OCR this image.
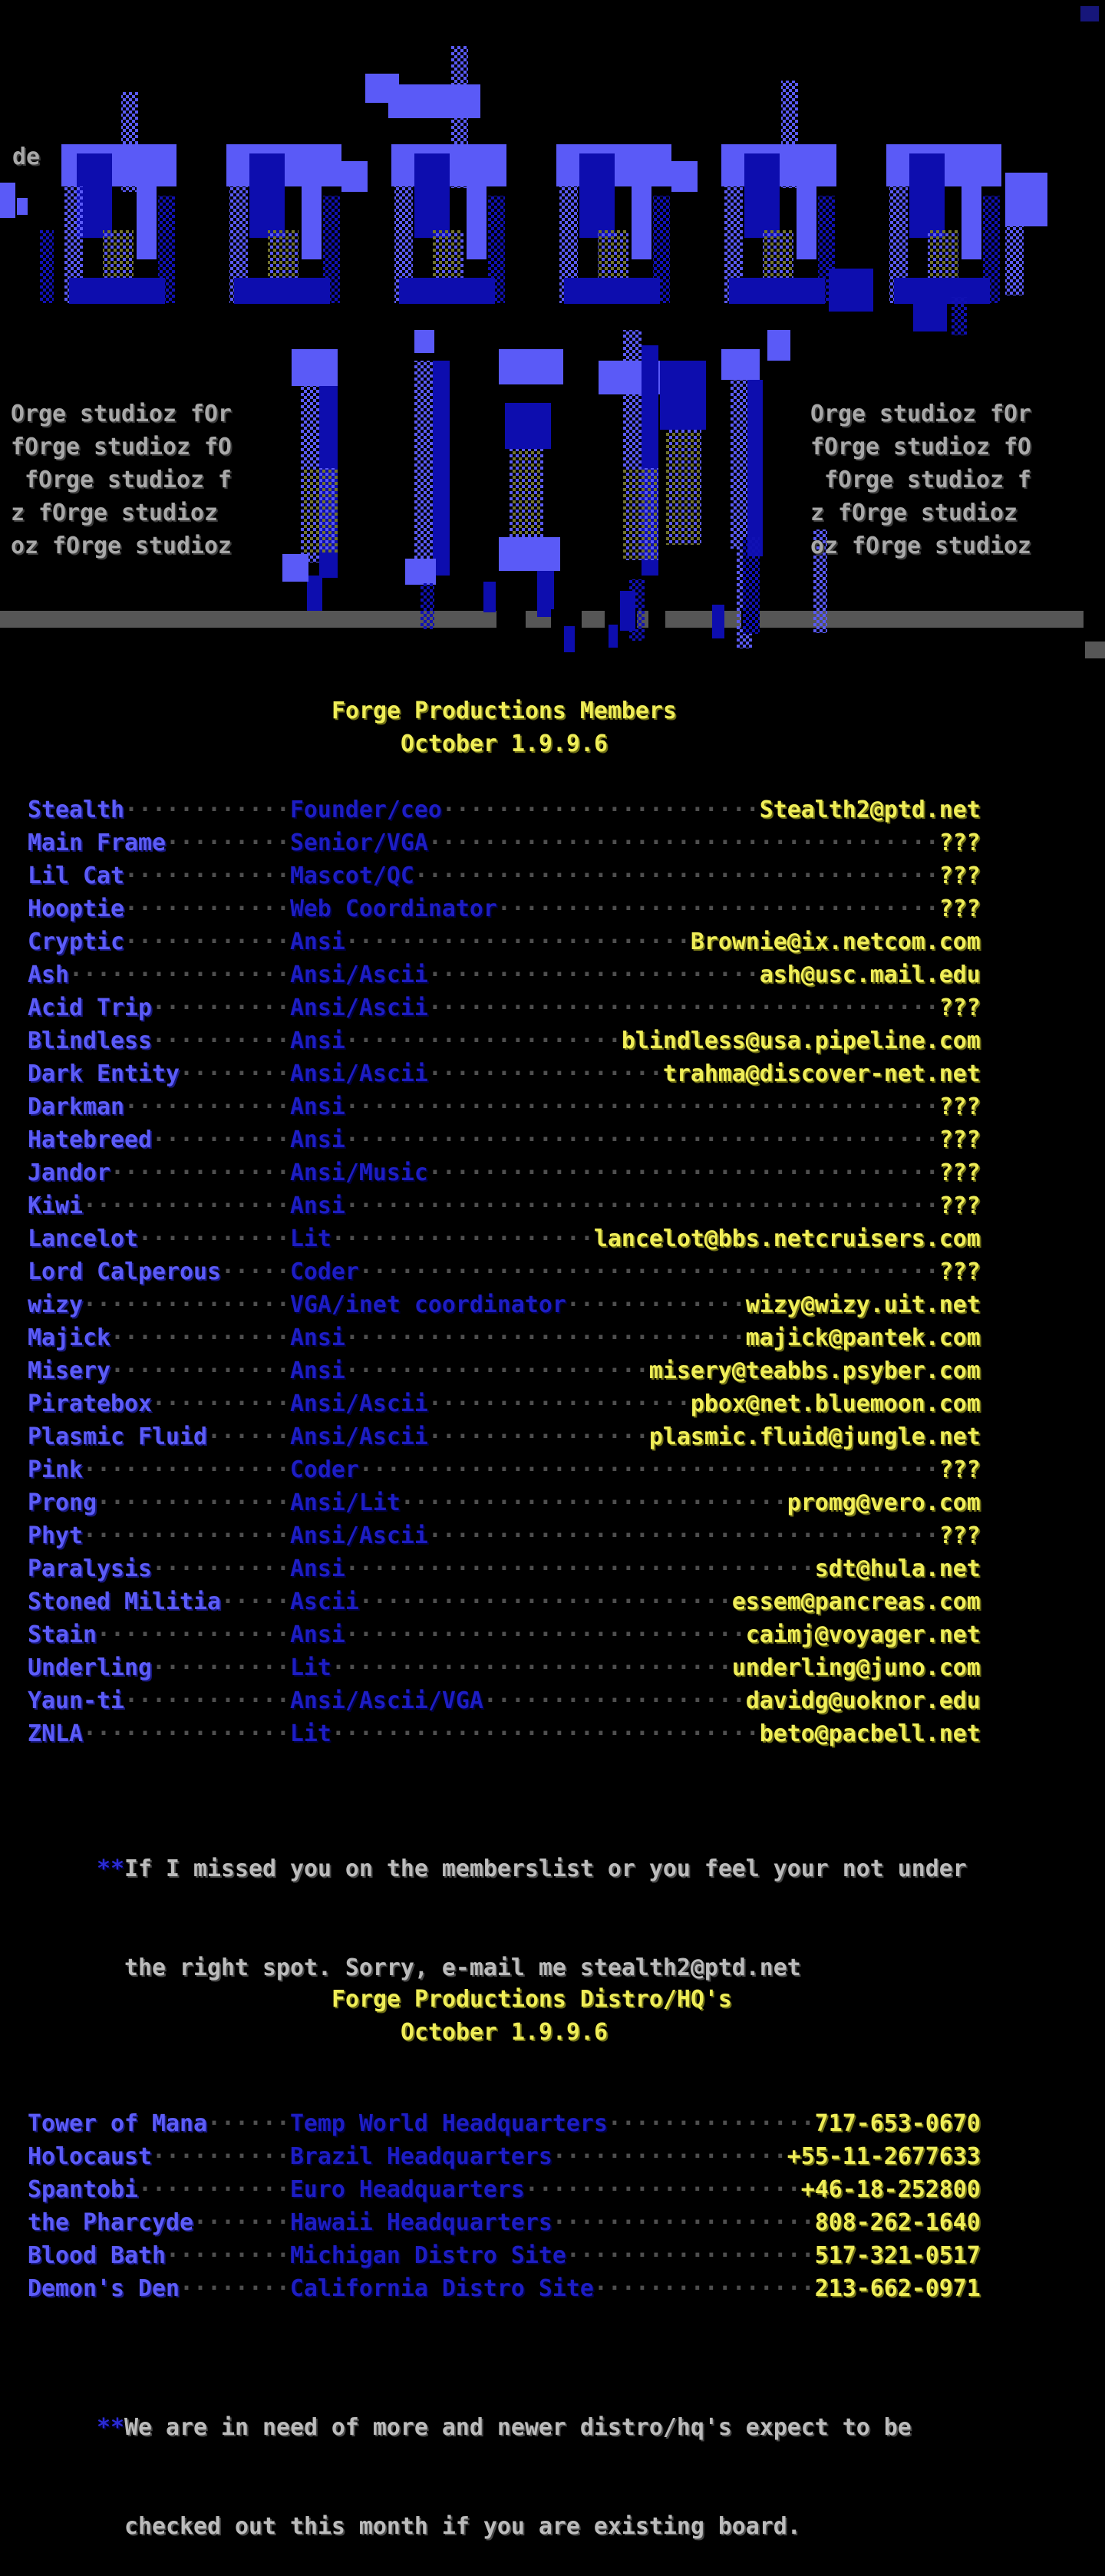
de
Orge studioz fOr
fOrge studioz fO
fOrge studioz f
z fOrge studioz
oz fOrge studioz
Orge studioz fOr
fOrge studioz fO
fOrge studioz f
z fOrge studioz
oz fOrge studioz
Forge Productions Members
October 1.9.9.6
Stealth············Founder/ceo·······················Stealth2@ptd.net
Main Frame·········Senior/VGA·····································???
Lil Cat············Mascot/QC······································???
Hooptie············Web Coordinator································???
Cryptic············Ansi·························Brownie@ix.netcom.com
Ash················Ansi/Ascii························ash@usc.mail.edu
Acid Trip··········Ansi/Ascii·····································???
Blindless··········Ansi····················blindless@usa.pipeline.com
Dark Entity········Ansi/Ascii·················trahma@discover-net.net
Darkman············Ansi···········································???
Hatebreed··········Ansi···········································???
Jandor·············Ansi/Music·····································???
Kiwi···············Ansi···········································???
Lancelot···········Lit···················lancelot@bbs.netcruisers.com
Lord Calperous·····Coder··········································???
wizy···············VGA/inet coordinator·············wizy@wizy.uit.net
Majick·············Ansi·····························majick@pantek.com
Misery·············Ansi······················misery@teabbs.psyber.com
Piratebox··········Ansi/Ascii···················pbox@net.bluemoon.com
Plasmic Fluid······Ansi/Ascii················plasmic.fluid@jungle.net
Pink···············Coder··········································???
Prong··············Ansi/Lit····························promg@vero.com
Phyt···············Ansi/Ascii·····································???
Paralysis··········Ansi··································sdt@hula.net
Stoned Militia·····Ascii···························essem@pancreas.com
Stain··············Ansi·····························caimj@voyager.net
Underling··········Lit·····························underling@juno.com
Yaun-ti············Ansi/Ascii/VGA···················davidg@uoknor.edu
ZNLA···············Lit·······························beto@pacbell.net

**If I missed you on the memberslist or you feel your not under

the right spot. Sorry, e-mail me stealth2@ptd.net

Forge Productions Distro/HQ's
October 1.9.9.6
Tower of Mana······Temp World Headquarters···············717-653-0670
Holocaust··········Brazil Headquarters·················+55-11-2677633
Spantobi···········Euro Headquarters····················+46-18-252800
the Pharcyde·······Hawaii Headquarters···················808-262-1640
Blood Bath·········Michigan Distro Site··················517-321-0517
Demon's Den········California Distro Site················213-662-0971

**We are in need of more and newer distro/hq's expect to be

checked out this month if you are existing board.
